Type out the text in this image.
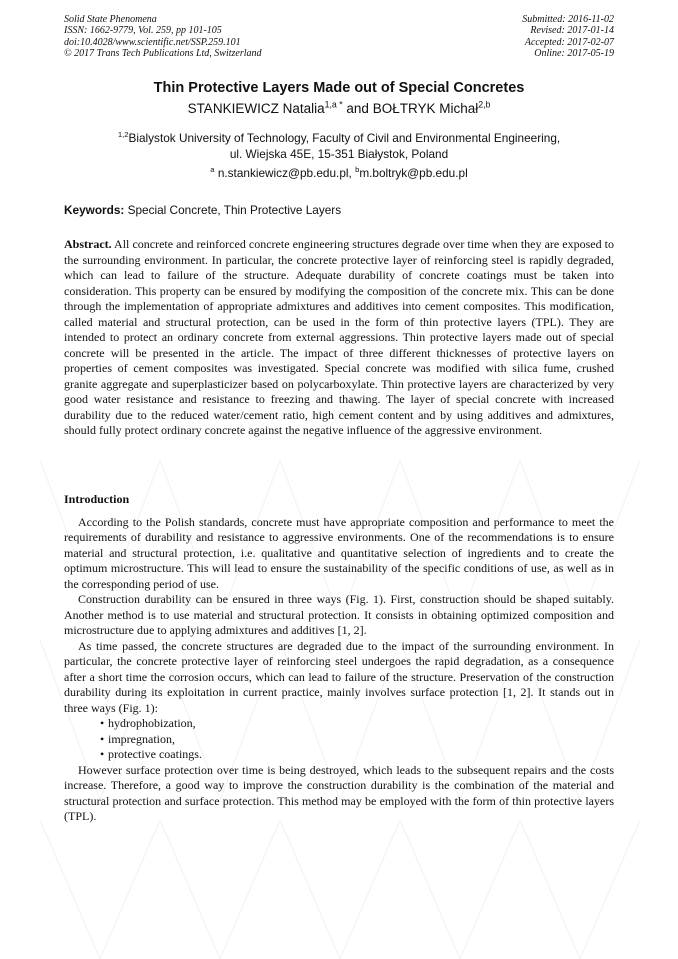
Solid State Phenomena
ISSN: 1662-9779, Vol. 259, pp 101-105
doi:10.4028/www.scientific.net/SSP.259.101
© 2017 Trans Tech Publications Ltd, Switzerland
Submitted: 2016-11-02
Revised: 2017-01-14
Accepted: 2017-02-07
Online: 2017-05-19
Thin Protective Layers Made out of Special Concretes
STANKIEWICZ Natalia$^{1,a *}$ and BOŁTRYK Michał$^{2,b}$
$^{1,2}$Bialystok University of Technology, Faculty of Civil and Environmental Engineering,
ul. Wiejska 45E, 15-351 Białystok, Poland
$^a$ n.stankiewicz@pb.edu.pl, $^b$m.boltryk@pb.edu.pl
Keywords: Special Concrete, Thin Protective Layers
Abstract. All concrete and reinforced concrete engineering structures degrade over time when they are exposed to the surrounding environment. In particular, the concrete protective layer of reinforcing steel is rapidly degraded, which can lead to failure of the structure. Adequate durability of concrete coatings must be taken into consideration. This property can be ensured by modifying the composition of the concrete mix. This can be done through the implementation of appropriate admixtures and additives into cement composites. This modification, called material and structural protection, can be used in the form of thin protective layers (TPL). They are intended to protect an ordinary concrete from external aggressions. Thin protective layers made out of special concrete will be presented in the article. The impact of three different thicknesses of protective layers on properties of cement composites was investigated. Special concrete was modified with silica fume, crushed granite aggregate and superplasticizer based on polycarboxylate. Thin protective layers are characterized by very good water resistance and resistance to freezing and thawing. The layer of special concrete with increased durability due to the reduced water/cement ratio, high cement content and by using additives and admixtures, should fully protect ordinary concrete against the negative influence of the aggressive environment.
Introduction

According to the Polish standards, concrete must have appropriate composition and performance to meet the requirements of durability and resistance to aggressive environments. One of the recommendations is to ensure material and structural protection, i.e. qualitative and quantitative selection of ingredients and to create the optimum microstructure. This will lead to ensure the sustainability of the specific conditions of use, as well as in the corresponding period of use.

Construction durability can be ensured in three ways (Fig. 1). First, construction should be shaped suitably. Another method is to use material and structural protection. It consists in obtaining optimized composition and microstructure due to applying admixtures and additives [1, 2].

As time passed, the concrete structures are degraded due to the impact of the surrounding environment. In particular, the concrete protective layer of reinforcing steel undergoes the rapid degradation, as a consequence after a short time the corrosion occurs, which can lead to failure of the structure. Preservation of the construction durability during its exploitation in current practice, mainly involves surface protection [1, 2]. It stands out in three ways (Fig. 1):

• hydrophobization,
• impregnation,
• protective coatings.

However surface protection over time is being destroyed, which leads to the subsequent repairs and the costs increase. Therefore, a good way to improve the construction durability is the combination of the material and structural protection and surface protection. This method may be employed with the form of thin protective layers (TPL).
